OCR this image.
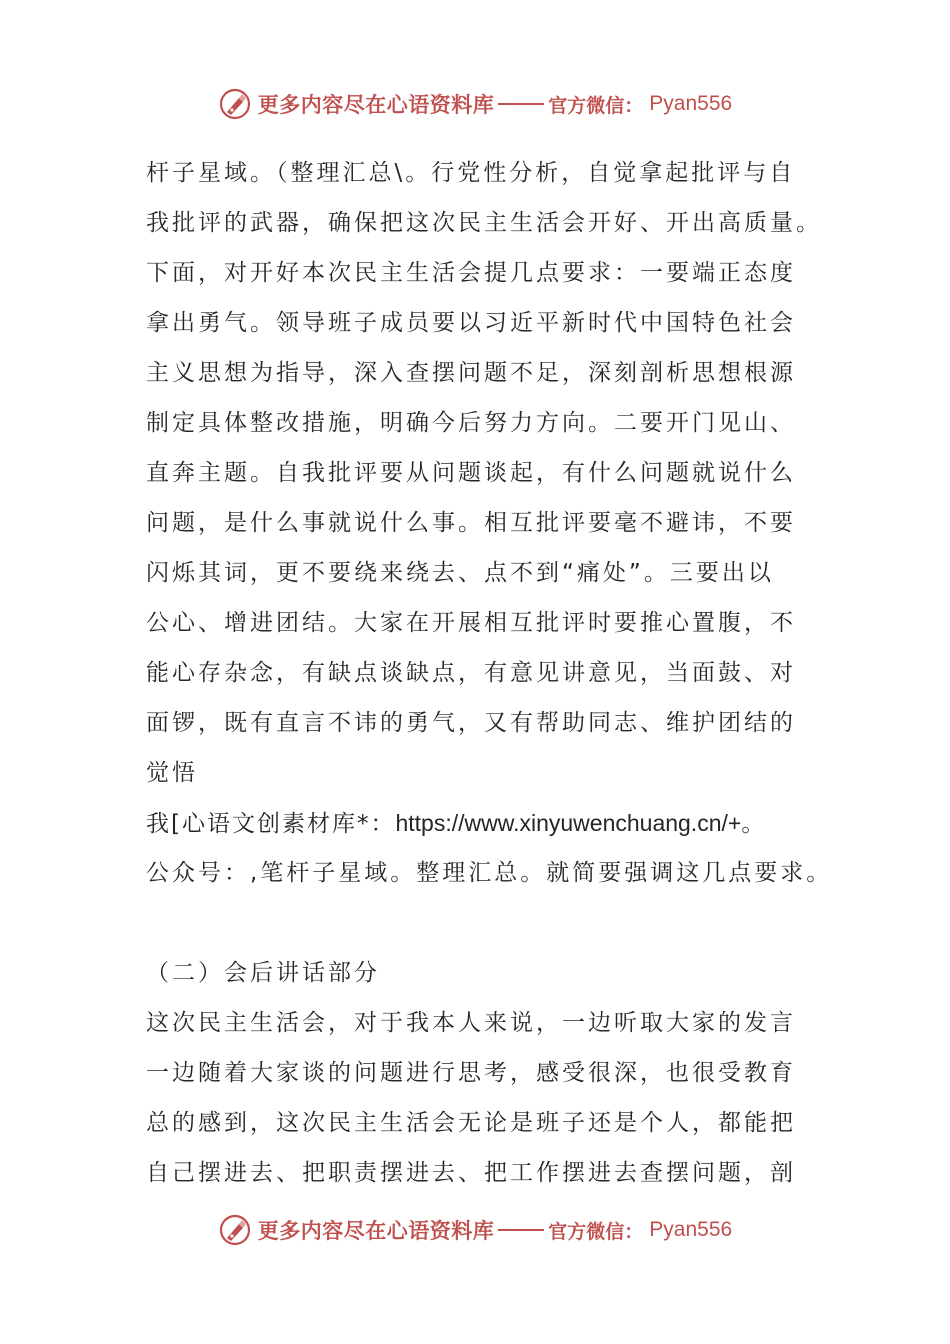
更多内容尽在心语资料库	官方微信： Pyan556
杆子星域。（整理汇总\。行党性分析，自觉拿起批评与自
我批评的武器，确保把这次民主生活会开好、开出高质量。
下面，对开好本次民主生活会提几点要求：一要端正态度
拿出勇气。领导班子成员要以习近平新时代中国特色社会
主义思想为指导，深入查摆问题不足，深刻剖析思想根源
制定具体整改措施，明确今后努力方向。二要开门见山、
直奔主题。自我批评要从问题谈起，有什么问题就说什么
问题，是什么事就说什么事。相互批评要毫不避讳，不要
闪烁其词，更不要绕来绕去、点不到“痛处”。三要出以
公心、增进团结。大家在开展相互批评时要推心置腹，不
能心存杂念，有缺点谈缺点，有意见讲意见，当面鼓、对
面锣，既有直言不讳的勇气，又有帮助同志、维护团结的
觉悟
我[心语文创素材库*：https://www.xinyuwenchuang.cn/+。
公众号：,笔杆子星域。整理汇总。就简要强调这几点要求。
（二）会后讲话部分
这次民主生活会，对于我本人来说，一边听取大家的发言
一边随着大家谈的问题进行思考，感受很深，也很受教育
总的感到，这次民主生活会无论是班子还是个人，都能把
自己摆进去、把职责摆进去、把工作摆进去查摆问题，剖
更多内容尽在心语资料库	官方微信： Pyan556
